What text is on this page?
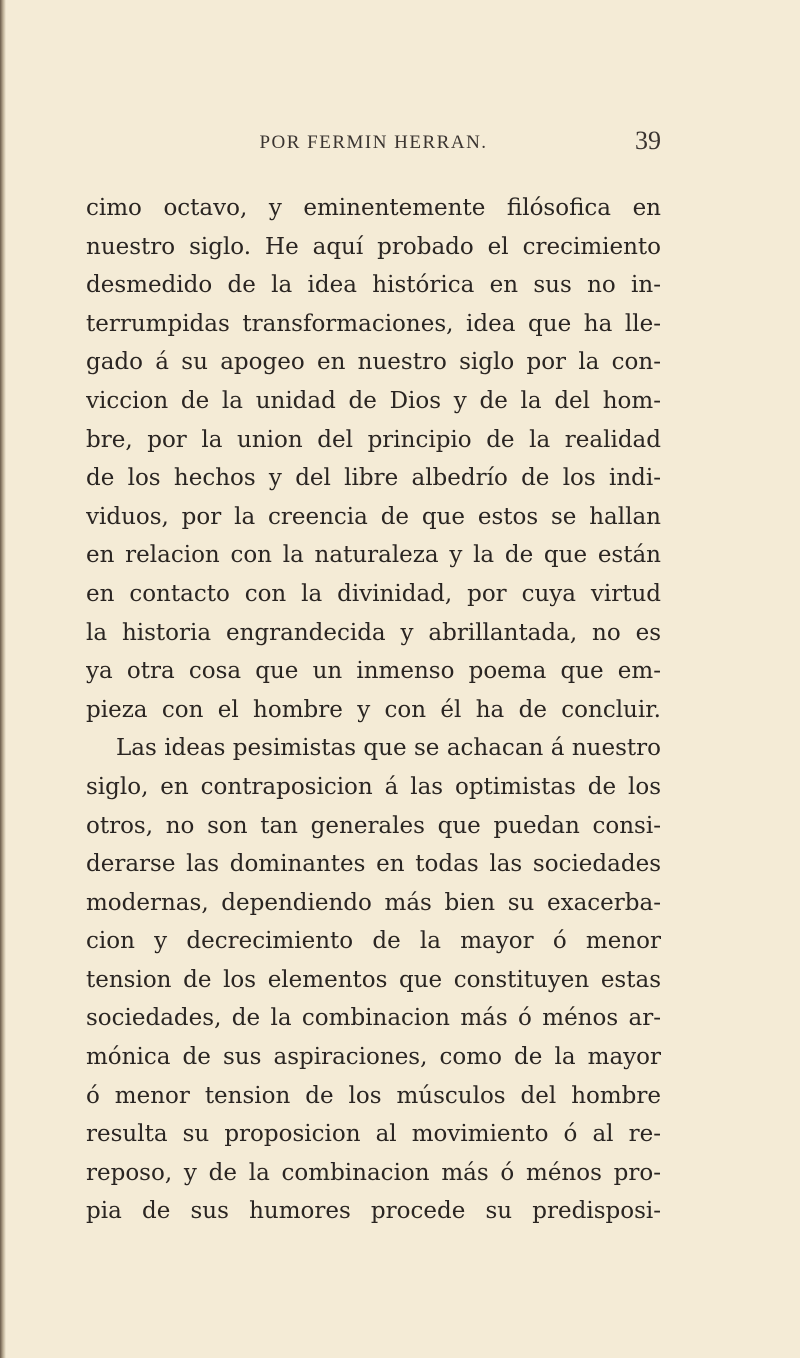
POR FERMIN HERRAN.	39
cimo octavo, y eminentemente filósofica en
nuestro siglo. He aquí probado el crecimiento
desmedido de la idea histórica en sus no in-
terrumpidas transformaciones, idea que ha lle-
gado á su apogeo en nuestro siglo por la con-
viccion de la unidad de Dios y de la del hom-
bre, por la union del principio de la realidad
de los hechos y del libre albedrío de los indi-
viduos, por la creencia de que estos se hallan
en relacion con la naturaleza y la de que están
en contacto con la divinidad, por cuya virtud
la historia engrandecida y abrillantada, no es
ya otra cosa que un inmenso poema que em-
pieza con el hombre y con él ha de concluir.
Las ideas pesimistas que se achacan á nuestro
siglo, en contraposicion á las optimistas de los
otros, no son tan generales que puedan consi-
derarse las dominantes en todas las sociedades
modernas, dependiendo más bien su exacerba-
cion y decrecimiento de la mayor ó menor
tension de los elementos que constituyen estas
sociedades, de la combinacion más ó ménos ar-
mónica de sus aspiraciones, como de la mayor
ó menor tension de los músculos del hombre
resulta su proposicion al movimiento ó al re-
reposo, y de la combinacion más ó ménos pro-
pia de sus humores procede su predisposi-
